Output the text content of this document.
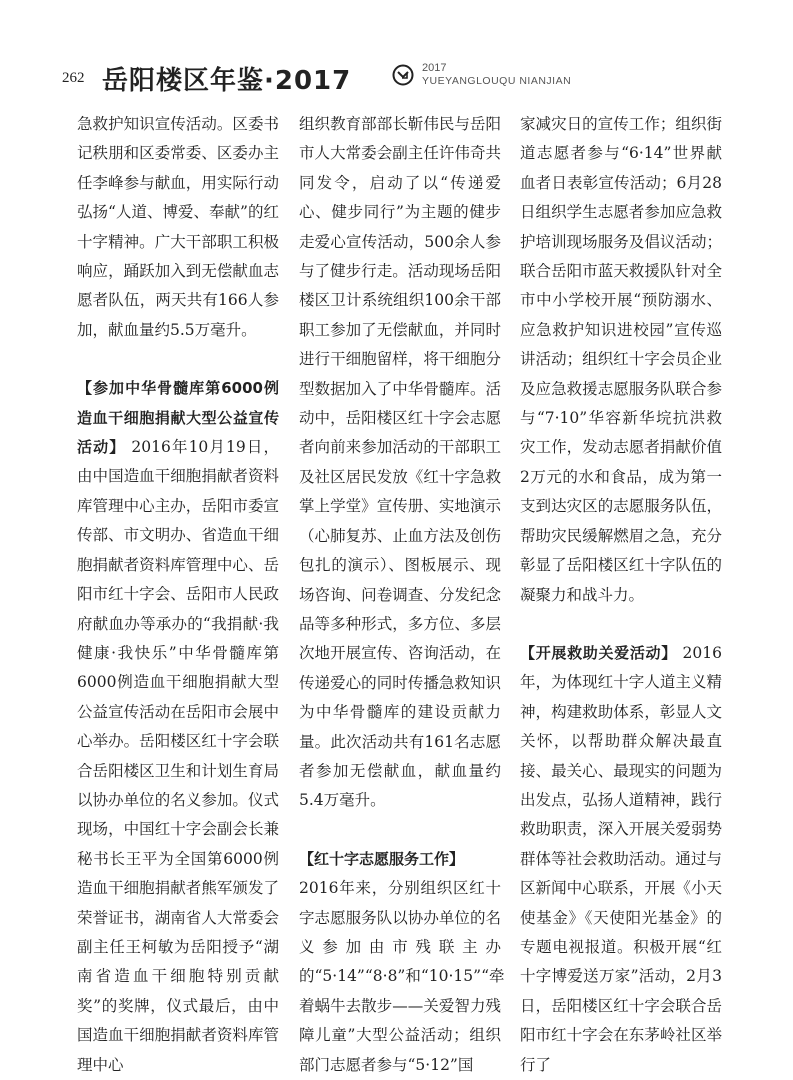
262 岳阳楼区年鉴·2017	2017
YUEYANGLOUQU NIANJIAN

急救护知识宣传活动。区委书记秩朋和区委常委、区委办主任李峰参与献血，用实际行动弘扬“人道、博爱、奉献”的红十字精神。广大干部职工积极响应，踊跃加入到无偿献血志愿者队伍，两天共有166人参加，献血量约5.5万毫升。

【参加中华骨髓库第6000例造血干细胞捐献大型公益宣传活动】 2016年10月19日，由中国造血干细胞捐献者资料库管理中心主办，岳阳市委宣传部、市文明办、省造血干细胞捐献者资料库管理中心、岳阳市红十字会、岳阳市人民政府献血办等承办的“我捐献·我健康·我快乐”中华骨髓库第6000例造血干细胞捐献大型公益宣传活动在岳阳市会展中心举办。岳阳楼区红十字会联合岳阳楼区卫生和计划生育局以协办单位的名义参加。仪式现场，中国红十字会副会长兼秘书长王平为全国第6000例造血干细胞捐献者熊军颁发了荣誉证书，湖南省人大常委会副主任王柯敏为岳阳授予“湖南省造血干细胞特别贡献奖”的奖牌，仪式最后，由中国造血干细胞捐献者资料库管理中心

组织教育部部长靳伟民与岳阳市人大常委会副主任许伟奇共同发令，启动了以“传递爱心、健步同行”为主题的健步走爱心宣传活动，500余人参与了健步行走。活动现场岳阳楼区卫计系统组织100余干部职工参加了无偿献血，并同时进行干细胞留样，将干细胞分型数据加入了中华骨髓库。活动中，岳阳楼区红十字会志愿者向前来参加活动的干部职工及社区居民发放《红十字急救掌上学堂》宣传册、实地演示（心肺复苏、止血方法及创伤包扎的演示）、图板展示、现场咨询、问卷调查、分发纪念品等多种形式，多方位、多层次地开展宣传、咨询活动，在传递爱心的同时传播急救知识为中华骨髓库的建设贡献力量。此次活动共有161名志愿者参加无偿献血，献血量约5.4万毫升。

【红十字志愿服务工作】

2016年来，分别组织区红十字志愿服务队以协办单位的名义参加由市残联主办的“5·14”“8·8”和“10·15”“牵着蜗牛去散步——关爱智力残障儿童”大型公益活动；组织部门志愿者参与“5·12”国

家减灾日的宣传工作；组织街道志愿者参与“6·14”世界献血者日表彰宣传活动；6月28日组织学生志愿者参加应急救护培训现场服务及倡议活动；联合岳阳市蓝天救援队针对全市中小学校开展“预防溺水、应急救护知识进校园”宣传巡讲活动；组织红十字会员企业及应急救援志愿服务队联合参与“7·10”华容新华垸抗洪救灾工作，发动志愿者捐献价值2万元的水和食品，成为第一支到达灾区的志愿服务队伍，帮助灾民缓解燃眉之急，充分彰显了岳阳楼区红十字队伍的凝聚力和战斗力。

【开展救助关爱活动】 2016年，为体现红十字人道主义精神，构建救助体系，彰显人文关怀，以帮助群众解决最直接、最关心、最现实的问题为出发点，弘扬人道精神，践行救助职责，深入开展关爱弱势群体等社会救助活动。通过与区新闻中心联系，开展《小天使基金》《天使阳光基金》的专题电视报道。积极开展“红十字博爱送万家”活动，2月3日，岳阳楼区红十字会联合岳阳市红十字会在东茅岭社区举行了
